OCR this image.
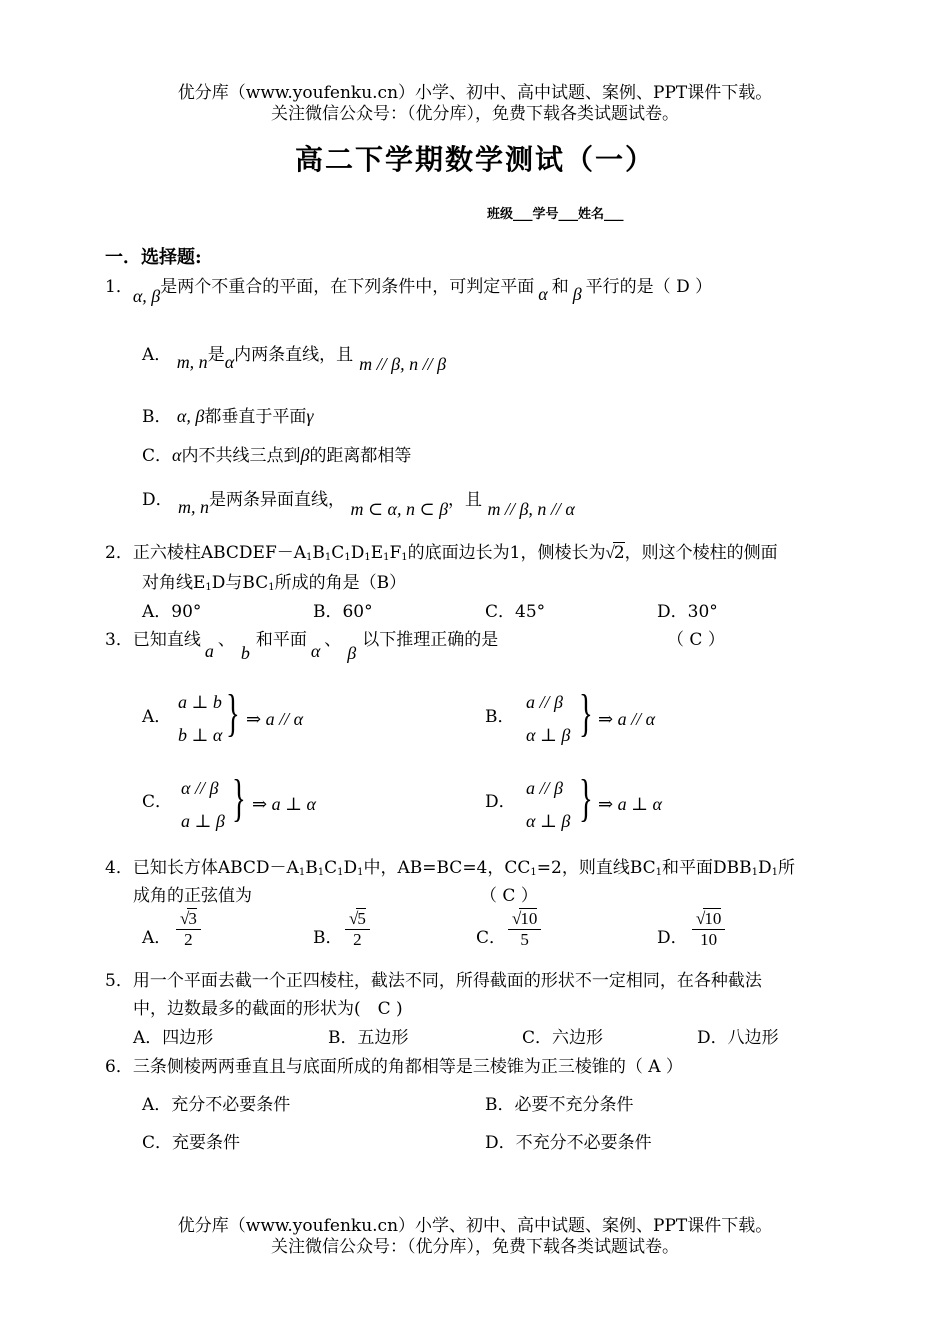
优分库（www.youfenku.cn）小学、初中、高中试题、案例、PPT课件下载。
关注微信公众号：（优分库），免费下载各类试题试卷。
高二下学期数学测试（一）
班级___学号___姓名___
一．选择题:
1．α, β是两个不重合的平面，在下列条件中，可判定平面 α 和 β 平行的是（ D ）
A． m, n是α内两条直线，且 m // β, n // β
B． α, β都垂直于平面γ
C．α内不共线三点到β的距离都相等
D． m, n是两条异面直线， m ⊂ α, n ⊂ β，且 m // β, n // α
2．正六棱柱$ABCDEF-A_1B_1C_1D_1E_1F_1$的底面边长为1，侧棱长为√2，则这个棱柱的侧面
对角线$E_1D$与$BC_1$所成的角是（B）
A．90°	B．60°	C．45°	D．30°
3．已知直线a、b和平面α、β以下推理正确的是	（ C ）
A．
a ⊥ b
b ⊥ α } ⇒ a // α	B．
a // β
α ⊥ β } ⇒ a // α
C．
α // β
a ⊥ β } ⇒ a ⊥ α	D．
a // β
α ⊥ β } ⇒ a ⊥ α
4．已知长方体$ABCD-A_1B_1C_1D_1$中，AB=BC=4，$CC_1=2$，则直线$BC_1$和平面$DBB_1D_1$所
成角的正弦值为	（ C ）
A． $\frac{√3}{2}$	B． $\frac{√5}{2}$	C． $\frac{√10}{5}$	D． $\frac{√10}{10}$
5．用一个平面去截一个正四棱柱，截法不同，所得截面的形状不一定相同，在各种截法
中，边数最多的截面的形状为(　C )
A．四边形	B．五边形	C．六边形	D．八边形
6．三条侧棱两两垂直且与底面所成的角都相等是三棱锥为正三棱锥的（ A ）
A．充分不必要条件	B．必要不充分条件
C．充要条件	D．不充分不必要条件
优分库（www.youfenku.cn）小学、初中、高中试题、案例、PPT课件下载。
关注微信公众号：（优分库），免费下载各类试题试卷。
